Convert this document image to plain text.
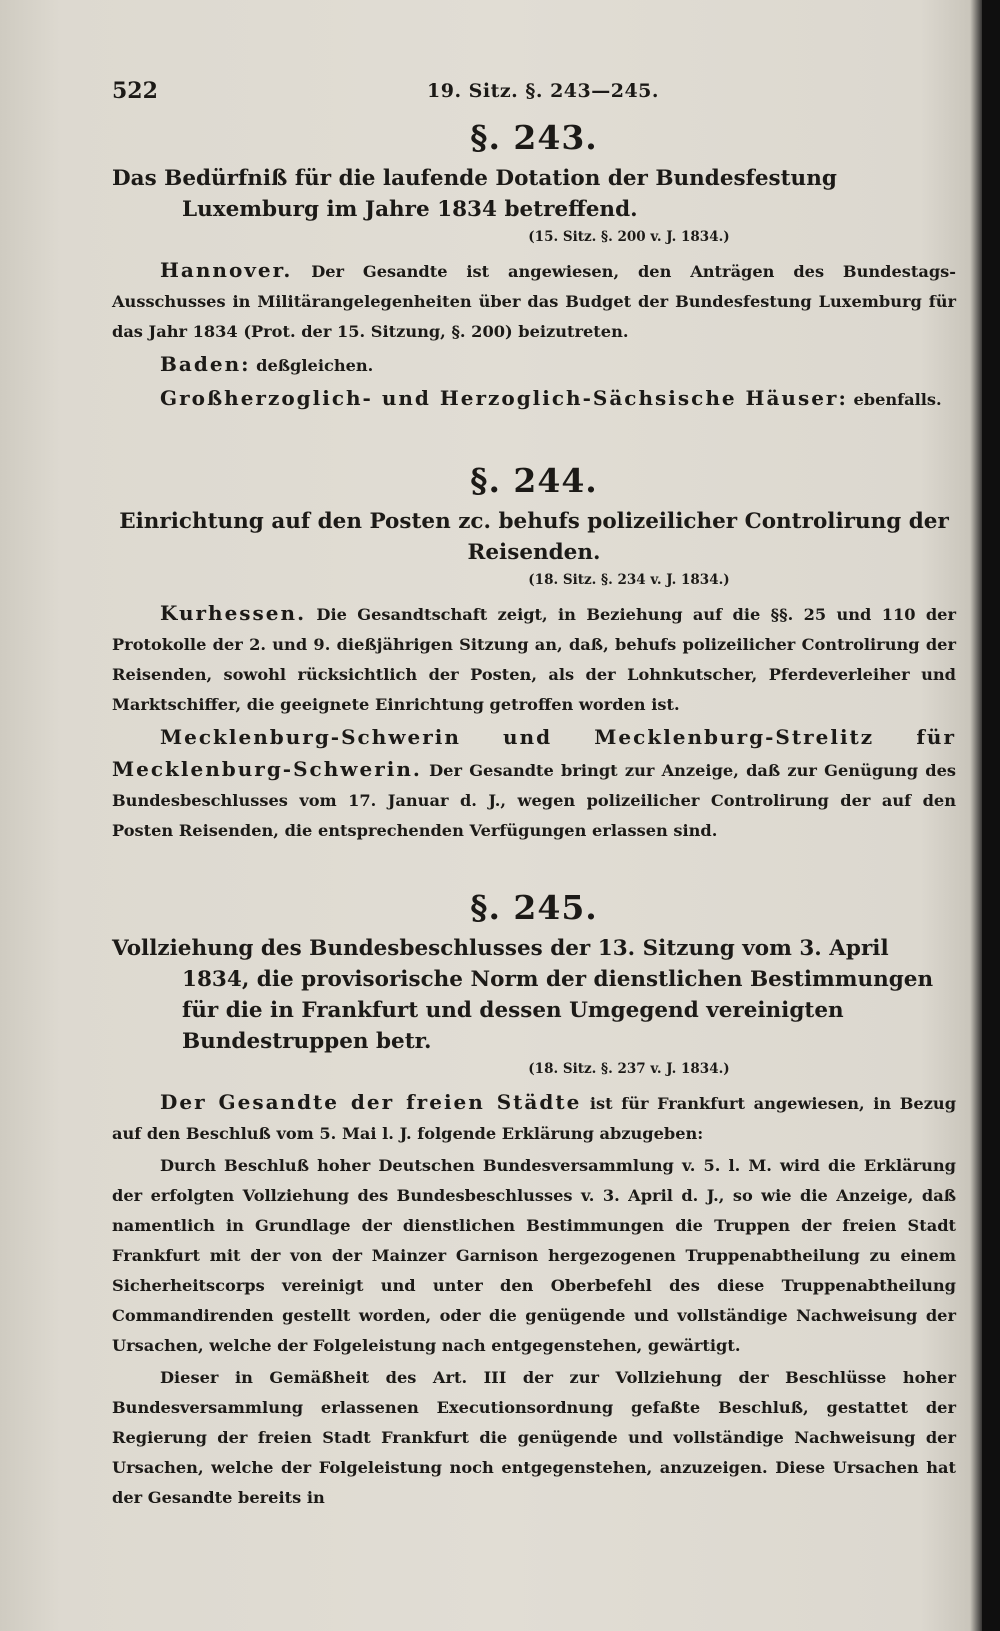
522	19. Sitz. §. 243—245.
§. 243.

Das Bedürfniß für die laufende Dotation der Bundesfestung Luxemburg im Jahre 1834 betreffend.

(15. Sitz. §. 200 v. J. 1834.)

Hannover. Der Gesandte ist angewiesen, den Anträgen des Bundestags-Ausschusses in Militärangelegenheiten über das Budget der Bundesfestung Luxemburg für das Jahr 1834 (Prot. der 15. Sitzung, §. 200) beizutreten.

Baden: deßgleichen.

Großherzoglich- und Herzoglich-Sächsische Häuser: ebenfalls.

§. 244.

Einrichtung auf den Posten zc. behufs polizeilicher Controlirung der Reisenden.

(18. Sitz. §. 234 v. J. 1834.)

Kurhessen. Die Gesandtschaft zeigt, in Beziehung auf die §§. 25 und 110 der Protokolle der 2. und 9. dießjährigen Sitzung an, daß, behufs polizeilicher Controlirung der Reisenden, sowohl rücksichtlich der Posten, als der Lohnkutscher, Pferdeverleiher und Marktschiffer, die geeignete Einrichtung getroffen worden ist.

Mecklenburg-Schwerin und Mecklenburg-Strelitz für Mecklenburg-Schwerin. Der Gesandte bringt zur Anzeige, daß zur Genügung des Bundesbeschlusses vom 17. Januar d. J., wegen polizeilicher Controlirung der auf den Posten Reisenden, die entsprechenden Verfügungen erlassen sind.

§. 245.

Vollziehung des Bundesbeschlusses der 13. Sitzung vom 3. April 1834, die provisorische Norm der dienstlichen Bestimmungen für die in Frankfurt und dessen Umgegend vereinigten Bundestruppen betr.

(18. Sitz. §. 237 v. J. 1834.)

Der Gesandte der freien Städte ist für Frankfurt angewiesen, in Bezug auf den Beschluß vom 5. Mai l. J. folgende Erklärung abzugeben:

Durch Beschluß hoher Deutschen Bundesversammlung v. 5. l. M. wird die Erklärung der erfolgten Vollziehung des Bundesbeschlusses v. 3. April d. J., so wie die Anzeige, daß namentlich in Grundlage der dienstlichen Bestimmungen die Truppen der freien Stadt Frankfurt mit der von der Mainzer Garnison hergezogenen Truppenabtheilung zu einem Sicherheitscorps vereinigt und unter den Oberbefehl des diese Truppenabtheilung Commandirenden gestellt worden, oder die genügende und vollständige Nachweisung der Ursachen, welche der Folgeleistung nach entgegenstehen, gewärtigt.

Dieser in Gemäßheit des Art. III der zur Vollziehung der Beschlüsse hoher Bundesversammlung erlassenen Executionsordnung gefaßte Beschluß, gestattet der Regierung der freien Stadt Frankfurt die genügende und vollständige Nachweisung der Ursachen, welche der Folgeleistung noch entgegenstehen, anzuzeigen. Diese Ursachen hat der Gesandte bereits in
